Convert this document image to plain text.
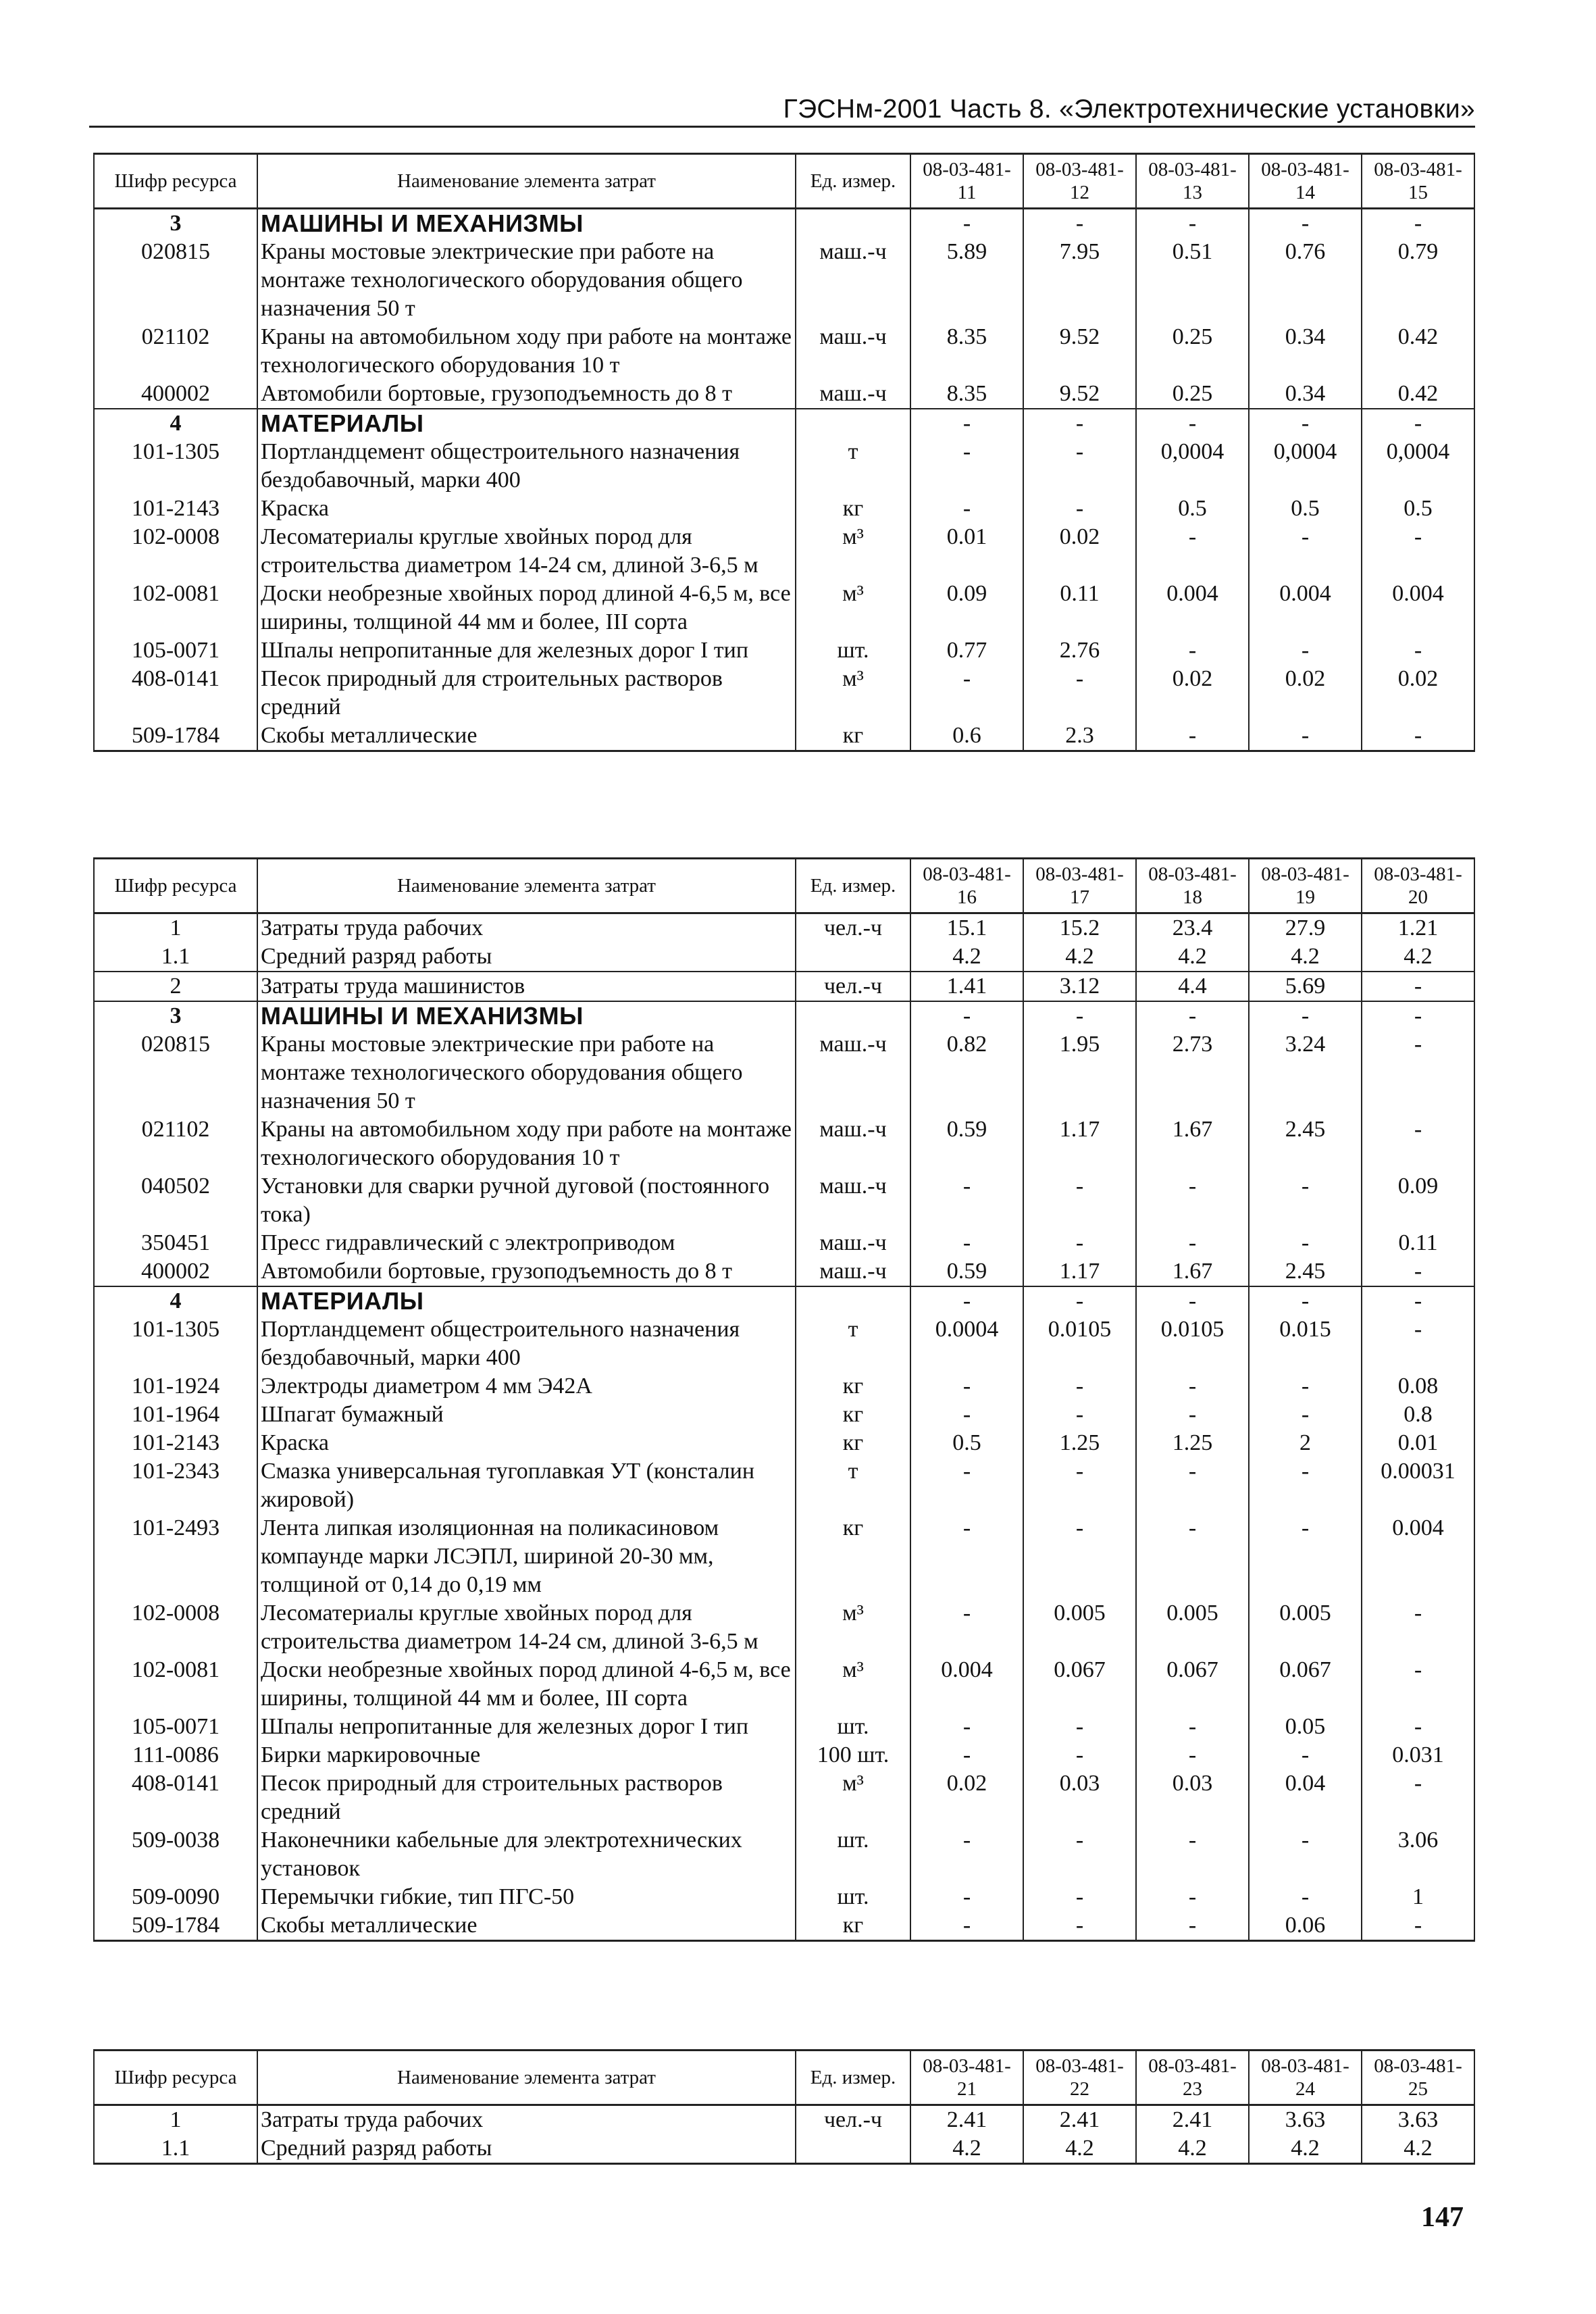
ГЭСНм-2001 Часть 8. «Электротехнические установки»
Шифр ресурса	Наименование элемента затрат	Ед. измер.	08-03-481-11	08-03-481-12	08-03-481-13	08-03-481-14	08-03-481-15
3	МАШИНЫ И МЕХАНИЗМЫ		-	-	-	-	-
020815	Краны мостовые электрические при работе на монтаже технологического оборудования общего назначения 50 т	маш.-ч	5.89	7.95	0.51	0.76	0.79
021102	Краны на автомобильном ходу при работе на монтаже технологического оборудования 10 т	маш.-ч	8.35	9.52	0.25	0.34	0.42
400002	Автомобили бортовые, грузоподъемность до 8 т	маш.-ч	8.35	9.52	0.25	0.34	0.42
4	МАТЕРИАЛЫ		-	-	-	-	-
101-1305	Портландцемент общестроительного назначения бездобавочный, марки 400	т	-	-	0,0004	0,0004	0,0004
101-2143	Краска	кг	-	-	0.5	0.5	0.5
102-0008	Лесоматериалы круглые хвойных пород для строительства диаметром 14-24 см, длиной 3-6,5 м	м³	0.01	0.02	-	-	-
102-0081	Доски необрезные хвойных пород длиной 4-6,5 м, все ширины, толщиной 44 мм и более, III сорта	м³	0.09	0.11	0.004	0.004	0.004
105-0071	Шпалы непропитанные для железных дорог I тип	шт.	0.77	2.76	-	-	-
408-0141	Песок природный для строительных растворов средний	м³	-	-	0.02	0.02	0.02
509-1784	Скобы металлические	кг	0.6	2.3	-	-	-
Шифр ресурса	Наименование элемента затрат	Ед. измер.	08-03-481-16	08-03-481-17	08-03-481-18	08-03-481-19	08-03-481-20
1	Затраты труда рабочих	чел.-ч	15.1	15.2	23.4	27.9	1.21
1.1	Средний разряд работы		4.2	4.2	4.2	4.2	4.2
2	Затраты труда машинистов	чел.-ч	1.41	3.12	4.4	5.69	-
3	МАШИНЫ И МЕХАНИЗМЫ		-	-	-	-	-
020815	Краны мостовые электрические при работе на монтаже технологического оборудования общего назначения 50 т	маш.-ч	0.82	1.95	2.73	3.24	-
021102	Краны на автомобильном ходу при работе на монтаже технологического оборудования 10 т	маш.-ч	0.59	1.17	1.67	2.45	-
040502	Установки для сварки ручной дуговой (постоянного тока)	маш.-ч	-	-	-	-	0.09
350451	Пресс гидравлический с электроприводом	маш.-ч	-	-	-	-	0.11
400002	Автомобили бортовые, грузоподъемность до 8 т	маш.-ч	0.59	1.17	1.67	2.45	-
4	МАТЕРИАЛЫ		-	-	-	-	-
101-1305	Портландцемент общестроительного назначения бездобавочный, марки 400	т	0.0004	0.0105	0.0105	0.015	-
101-1924	Электроды диаметром 4 мм Э42А	кг	-	-	-	-	0.08
101-1964	Шпагат бумажный	кг	-	-	-	-	0.8
101-2143	Краска	кг	0.5	1.25	1.25	2	0.01
101-2343	Смазка универсальная тугоплавкая УТ (консталин жировой)	т	-	-	-	-	0.00031
101-2493	Лента липкая изоляционная на поликасиновом компаунде марки ЛСЭПЛ, шириной 20-30 мм, толщиной от 0,14 до 0,19 мм	кг	-	-	-	-	0.004
102-0008	Лесоматериалы круглые хвойных пород для строительства диаметром 14-24 см, длиной 3-6,5 м	м³	-	0.005	0.005	0.005	-
102-0081	Доски необрезные хвойных пород длиной 4-6,5 м, все ширины, толщиной 44 мм и более, III сорта	м³	0.004	0.067	0.067	0.067	-
105-0071	Шпалы непропитанные для железных дорог I тип	шт.	-	-	-	0.05	-
111-0086	Бирки маркировочные	100 шт.	-	-	-	-	0.031
408-0141	Песок природный для строительных растворов средний	м³	0.02	0.03	0.03	0.04	-
509-0038	Наконечники кабельные для электротехнических установок	шт.	-	-	-	-	3.06
509-0090	Перемычки гибкие, тип ПГС-50	шт.	-	-	-	-	1
509-1784	Скобы металлические	кг	-	-	-	0.06	-
Шифр ресурса	Наименование элемента затрат	Ед. измер.	08-03-481-21	08-03-481-22	08-03-481-23	08-03-481-24	08-03-481-25
1	Затраты труда рабочих	чел.-ч	2.41	2.41	2.41	3.63	3.63
1.1	Средний разряд работы		4.2	4.2	4.2	4.2	4.2
147
